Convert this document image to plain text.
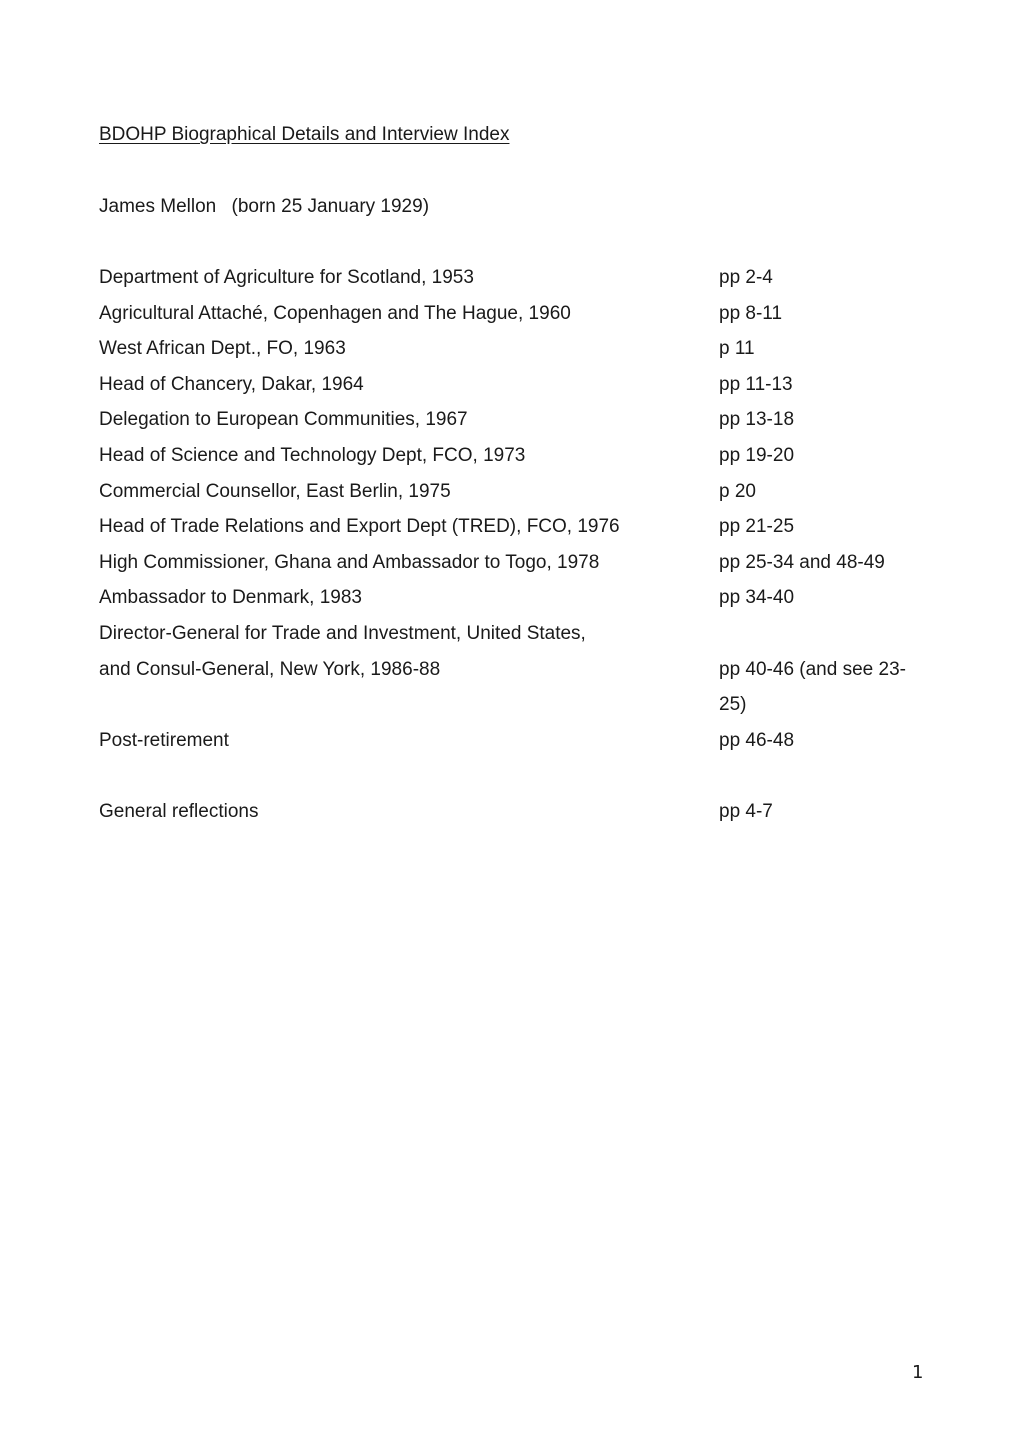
BDOHP Biographical Details and Interview Index
James Mellon (born 25 January 1929)
Department of Agriculture for Scotland, 1953	pp 2-4
Agricultural Attaché, Copenhagen and The Hague, 1960	pp 8-11
West African Dept., FO, 1963	p 11
Head of Chancery, Dakar, 1964	pp 11-13
Delegation to European Communities, 1967	pp 13-18
Head of Science and Technology Dept, FCO, 1973	pp 19-20
Commercial Counsellor, East Berlin, 1975	p 20
Head of Trade Relations and Export Dept (TRED), FCO, 1976	pp 21-25
High Commissioner, Ghana and Ambassador to Togo, 1978	pp 25-34 and 48-49
Ambassador to Denmark, 1983	pp 34-40
Director-General for Trade and Investment, United States,
and Consul-General, New York, 1986-88	pp 40-46 (and see 23-
25)
Post-retirement	pp 46-48
General reflections	pp 4-7
1
